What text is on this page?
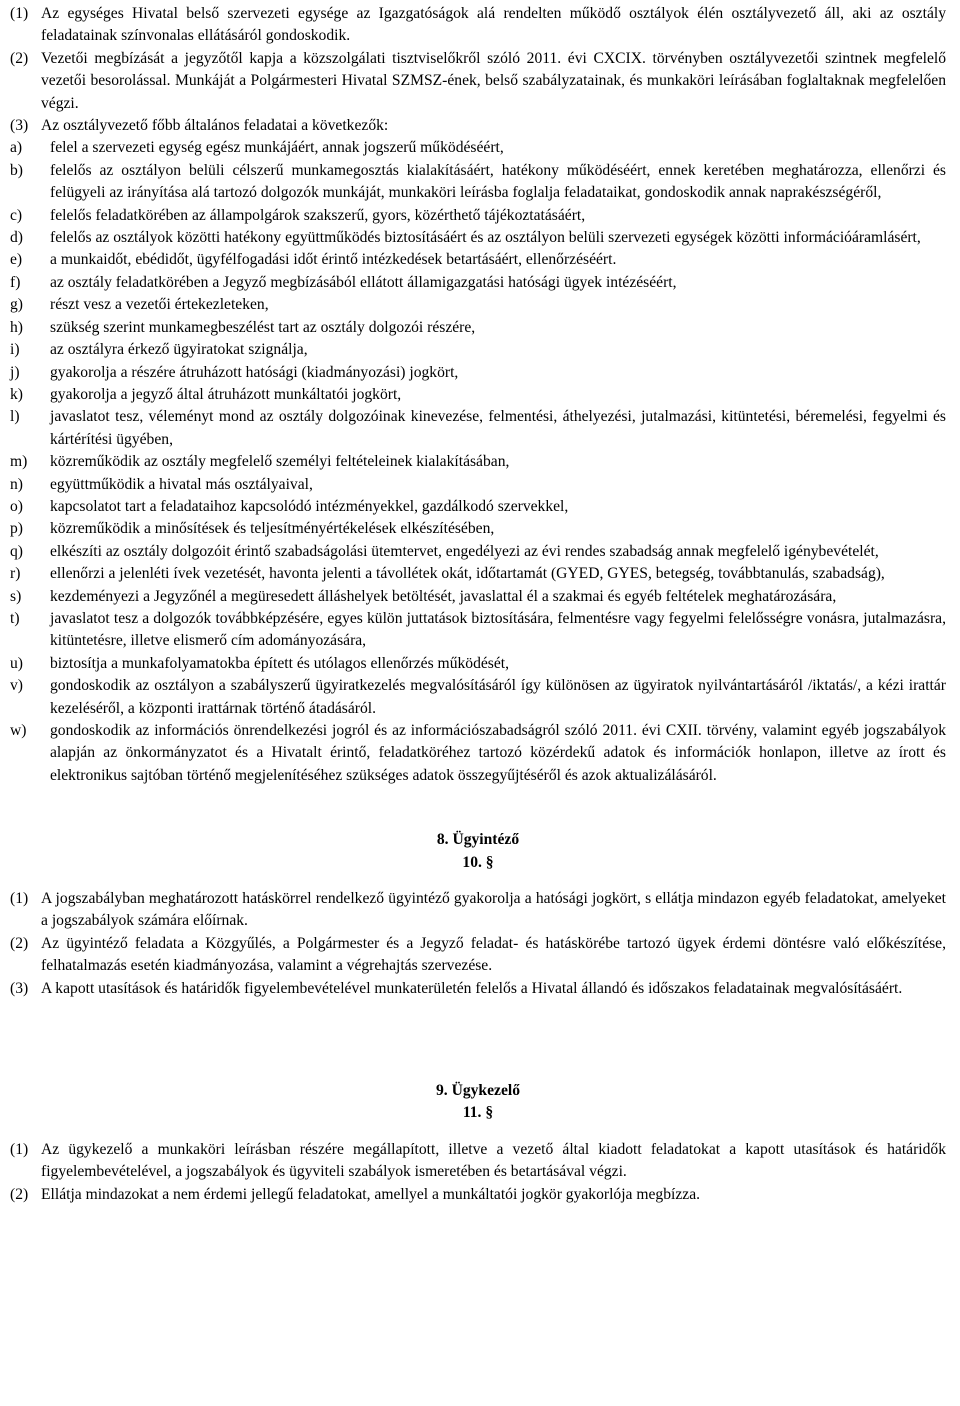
(1) Az egységes Hivatal belső szervezeti egysége az Igazgatóságok alá rendelten működő osztályok élén osztályvezető áll, aki az osztály feladatainak színvonalas ellátásáról gondoskodik.

(2) Vezetői megbízását a jegyzőtől kapja a közszolgálati tisztviselőkről szóló 2011. évi CXCIX. törvényben osztályvezetői szintnek megfelelő vezetői besorolással. Munkáját a Polgármesteri Hivatal SZMSZ-ének, belső szabályzatainak, és munkaköri leírásában foglaltaknak megfelelően végzi.

(3) Az osztályvezető főbb általános feladatai a következők:

a)	felel a szervezeti egység egész munkájáért, annak jogszerű működéséért,
b)	felelős az osztályon belüli célszerű munkamegosztás kialakításáért, hatékony működéséért, ennek keretében meghatározza, ellenőrzi és felügyeli az irányítása alá tartozó dolgozók munkáját, munkaköri leírásba foglalja feladataikat, gondoskodik annak naprakészségéről,
c)	felelős feladatkörében az állampolgárok szakszerű, gyors, közérthető tájékoztatásáért,
d)	felelős az osztályok közötti hatékony együttműködés biztosításáért és az osztályon belüli szervezeti egységek közötti információáramlásért,
e)	a munkaidőt, ebédidőt, ügyfélfogadási időt érintő intézkedések betartásáért, ellenőrzéséért.
f)	az osztály feladatkörében a Jegyző megbízásából ellátott államigazgatási hatósági ügyek intézéséért,
g)	részt vesz a vezetői értekezleteken,
h)	szükség szerint munkamegbeszélést tart az osztály dolgozói részére,
i)	az osztályra érkező ügyiratokat szignálja,
j)	gyakorolja a részére átruházott hatósági (kiadmányozási) jogkört,
k)	gyakorolja a jegyző által átruházott munkáltatói jogkört,
l)	javaslatot tesz, véleményt mond az osztály dolgozóinak kinevezése, felmentési, áthelyezési, jutalmazási, kitüntetési, béremelési, fegyelmi és kártérítési ügyében,
m)	közreműködik az osztály megfelelő személyi feltételeinek kialakításában,
n)	együttműködik a hivatal más osztályaival,
o)	kapcsolatot tart a feladataihoz kapcsolódó intézményekkel, gazdálkodó szervekkel,
p)	közreműködik a minősítések és teljesítményértékelések elkészítésében,
q)	elkészíti az osztály dolgozóit érintő szabadságolási ütemtervet, engedélyezi az évi rendes szabadság annak megfelelő igénybevételét,
r)	ellenőrzi a jelenléti ívek vezetését, havonta jelenti a távollétek okát, időtartamát (GYED, GYES, betegség, továbbtanulás, szabadság),
s)	kezdeményezi a Jegyzőnél a megüresedett álláshelyek betöltését, javaslattal él a szakmai és egyéb feltételek meghatározására,
t)	javaslatot tesz a dolgozók továbbképzésére, egyes külön juttatások biztosítására, felmentésre vagy fegyelmi felelősségre vonásra, jutalmazásra, kitüntetésre, illetve elismerő cím adományozására,
u)	biztosítja a munkafolyamatokba épített és utólagos ellenőrzés működését,
v)	gondoskodik az osztályon a szabályszerű ügyiratkezelés megvalósításáról így különösen az ügyiratok nyilvántartásáról /iktatás/, a kézi irattár kezeléséről, a központi irattárnak történő átadásáról.
w)	gondoskodik az információs önrendelkezési jogról és az információszabadságról szóló 2011. évi CXII. törvény, valamint egyéb jogszabályok alapján az önkormányzatot és a Hivatalt érintő, feladatköréhez tartozó közérdekű adatok és információk honlapon, illetve az írott és elektronikus sajtóban történő megjelenítéséhez szükséges adatok összegyűjtéséről és azok aktualizálásáról.

8. Ügyintéző

10. §

(1) A jogszabályban meghatározott hatáskörrel rendelkező ügyintéző gyakorolja a hatósági jogkört, s ellátja mindazon egyéb feladatokat, amelyeket a jogszabályok számára előírnak.

(2) Az ügyintéző feladata a Közgyűlés, a Polgármester és a Jegyző feladat- és hatáskörébe tartozó ügyek érdemi döntésre való előkészítése, felhatalmazás esetén kiadmányozása, valamint a végrehajtás szervezése.

(3) A kapott utasítások és határidők figyelembevételével munkaterületén felelős a Hivatal állandó és időszakos feladatainak megvalósításáért.

9. Ügykezelő

11. §

(1) Az ügykezelő a munkaköri leírásban részére megállapított, illetve a vezető által kiadott feladatokat a kapott utasítások és határidők figyelembevételével, a jogszabályok és ügyviteli szabályok ismeretében és betartásával végzi.

(2) Ellátja mindazokat a nem érdemi jellegű feladatokat, amellyel a munkáltatói jogkör gyakorlója megbízza.
